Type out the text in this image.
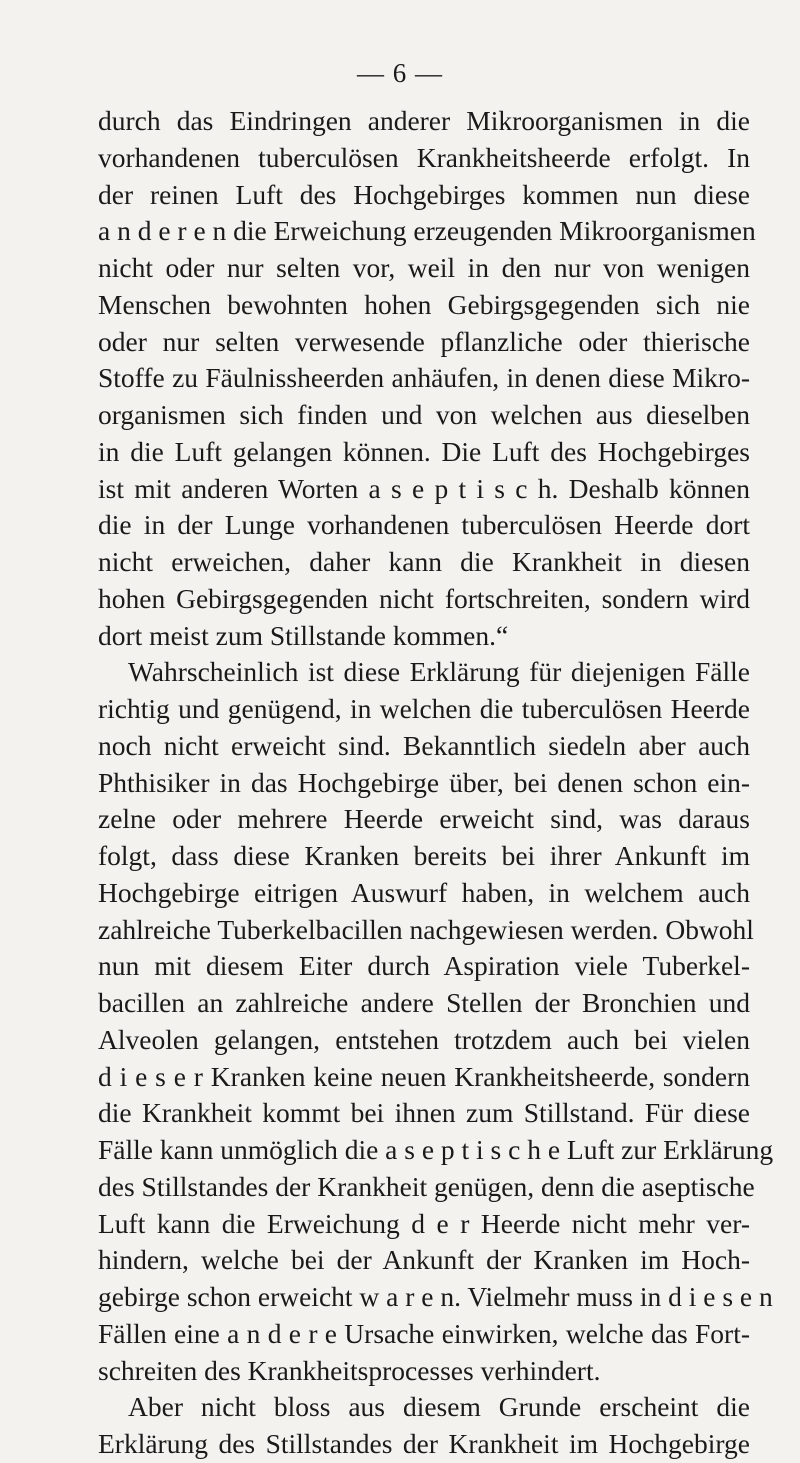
— 6 —
durch das Eindringen anderer Mikroorganismen in die
vorhandenen tuberculösen Krankheitsheerde erfolgt. In
der reinen Luft des Hochgebirges kommen nun diese
a n d e r e n die Erweichung erzeugenden Mikroorganismen
nicht oder nur selten vor, weil in den nur von wenigen
Menschen bewohnten hohen Gebirgsgegenden sich nie
oder nur selten verwesende pflanzliche oder thierische
Stoffe zu Fäulnissheerden anhäufen, in denen diese Mikro-
organismen sich finden und von welchen aus dieselben
in die Luft gelangen können. Die Luft des Hochgebirges
ist mit anderen Worten a s e p t i s c h. Deshalb können
die in der Lunge vorhandenen tuberculösen Heerde dort
nicht erweichen, daher kann die Krankheit in diesen
hohen Gebirgsgegenden nicht fortschreiten, sondern wird
dort meist zum Stillstande kommen.“
Wahrscheinlich ist diese Erklärung für diejenigen Fälle
richtig und genügend, in welchen die tuberculösen Heerde
noch nicht erweicht sind. Bekanntlich siedeln aber auch
Phthisiker in das Hochgebirge über, bei denen schon ein-
zelne oder mehrere Heerde erweicht sind, was daraus
folgt, dass diese Kranken bereits bei ihrer Ankunft im
Hochgebirge eitrigen Auswurf haben, in welchem auch
zahlreiche Tuberkelbacillen nachgewiesen werden. Obwohl
nun mit diesem Eiter durch Aspiration viele Tuberkel-
bacillen an zahlreiche andere Stellen der Bronchien und
Alveolen gelangen, entstehen trotzdem auch bei vielen
d i e s e r Kranken keine neuen Krankheitsheerde, sondern
die Krankheit kommt bei ihnen zum Stillstand. Für diese
Fälle kann unmöglich die a s e p t i s c h e Luft zur Erklärung
des Stillstandes der Krankheit genügen, denn die aseptische
Luft kann die Erweichung d e r Heerde nicht mehr ver-
hindern, welche bei der Ankunft der Kranken im Hoch-
gebirge schon erweicht w a r e n. Vielmehr muss in d i e s e n
Fällen eine a n d e r e Ursache einwirken, welche das Fort-
schreiten des Krankheitsprocesses verhindert.
Aber nicht bloss aus diesem Grunde erscheint die
Erklärung des Stillstandes der Krankheit im Hochgebirge
